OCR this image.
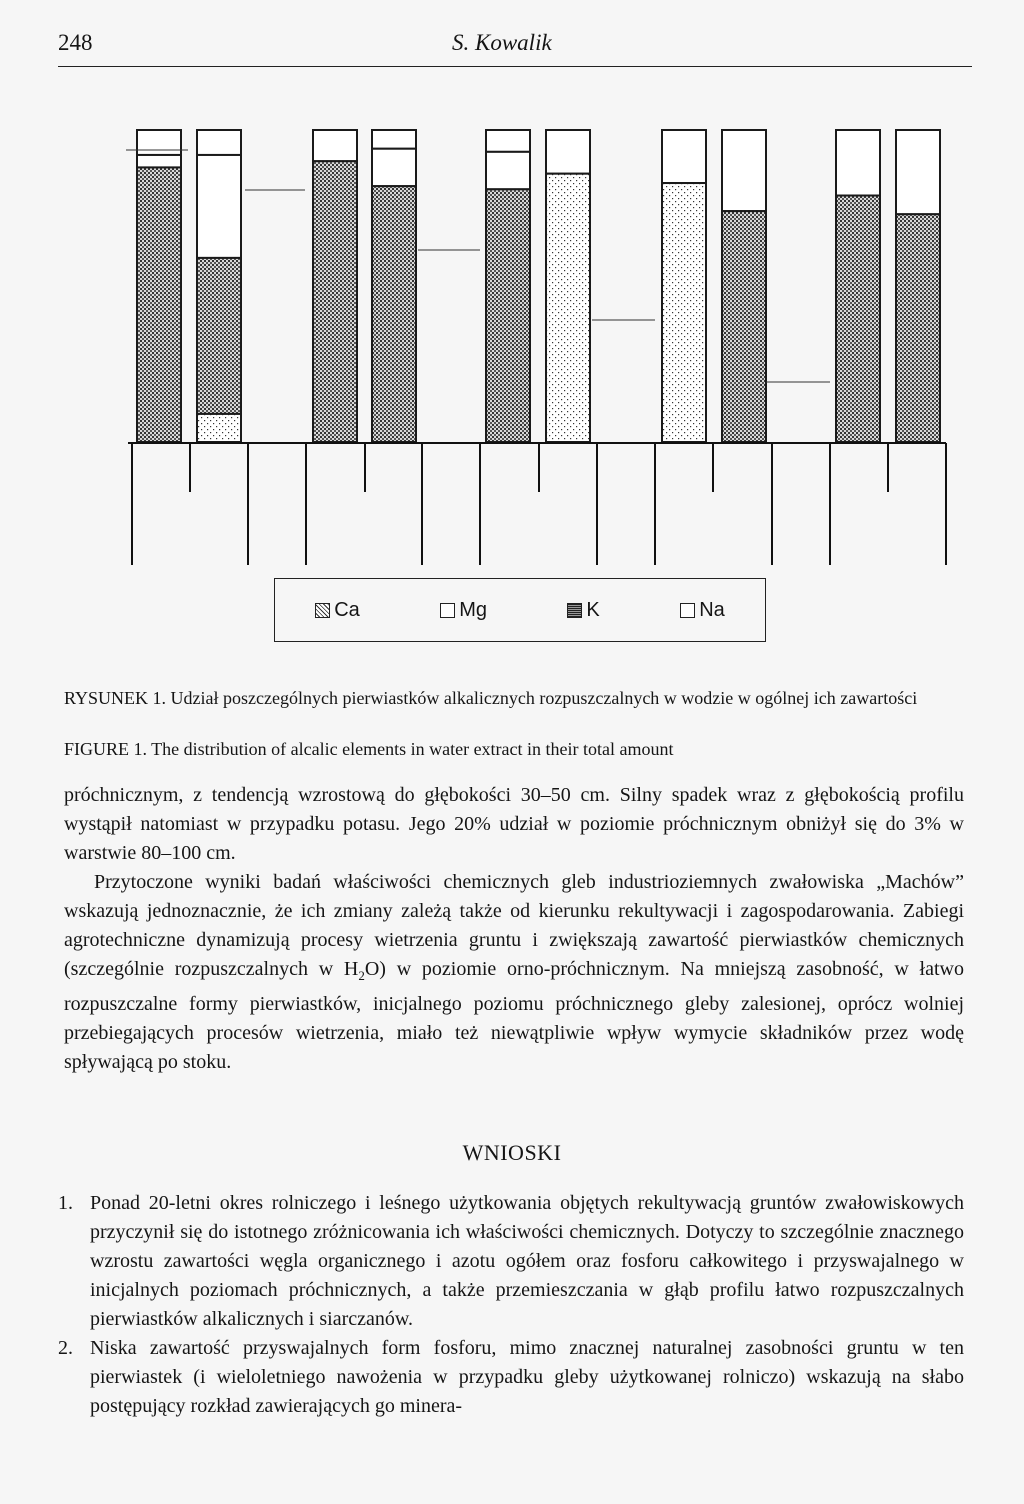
248	S. Kowalik
Ca	Mg	K	Na
RYSUNEK 1. Udział poszczególnych pierwiastków alkalicznych rozpuszczalnych w wodzie w ogólnej ich zawartości
FIGURE 1. The distribution of alcalic elements in water extract in their total amount

próchnicznym, z tendencją wzrostową do głębokości 30–50 cm. Silny spadek wraz z głębokością profilu wystąpił natomiast w przypadku potasu. Jego 20% udział w poziomie próchnicznym obniżył się do 3% w warstwie 80–100 cm.

Przytoczone wyniki badań właściwości chemicznych gleb industrioziemnych zwałowiska „Machów” wskazują jednoznacznie, że ich zmiany zależą także od kierunku rekultywacji i zagospodarowania. Zabiegi agrotechniczne dynamizują procesy wietrzenia gruntu i zwiększają zawartość pierwiastków chemicznych (szczególnie rozpuszczalnych w $H_2O$) w poziomie orno-próchnicznym. Na mniejszą zasobność, w łatwo rozpuszczalne formy pierwiastków, inicjalnego poziomu próchnicznego gleby zalesionej, oprócz wolniej przebiegających procesów wietrzenia, miało też niewątpliwie wpływ wymycie składników przez wodę spływającą po stoku.

WNIOSKI
1. Ponad 20-letni okres rolniczego i leśnego użytkowania objętych rekultywacją gruntów zwałowiskowych przyczynił się do istotnego zróżnicowania ich właściwości chemicznych. Dotyczy to szczególnie znacznego wzrostu zawartości węgla organicznego i azotu ogółem oraz fosforu całkowitego i przyswajalnego w inicjalnych poziomach próchnicznych, a także przemieszczania w głąb profilu łatwo rozpuszczalnych pierwiastków alkalicznych i siarczanów.
2. Niska zawartość przyswajalnych form fosforu, mimo znacznej naturalnej zasobności gruntu w ten pierwiastek (i wieloletniego nawożenia w przypadku gleby użytkowanej rolniczo) wskazują na słabo postępujący rozkład zawierających go minera-
